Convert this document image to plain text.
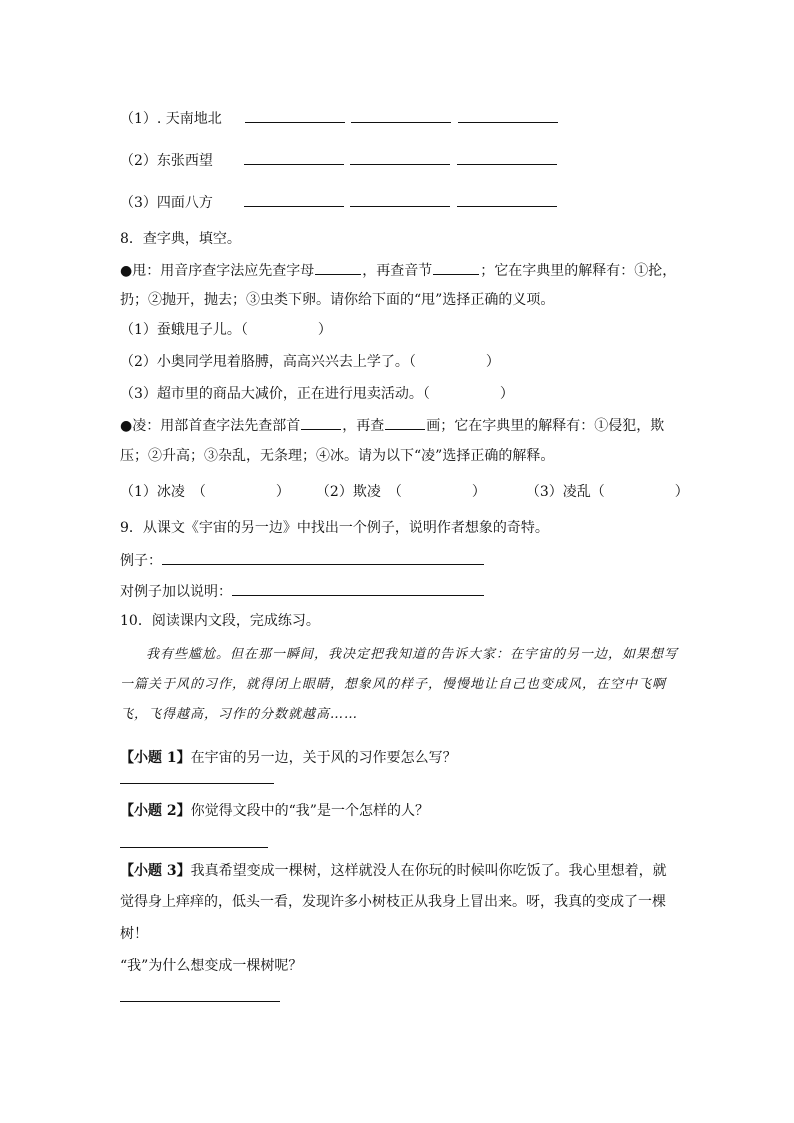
（1）. 天南地北
（2）东张西望
（3）四面八方
8．查字典，填空。
●甩：用音序查字法应先查字母	，再查音节	；它在字典里的解释有：①抡，
扔；②抛开，抛去；③虫类下卵。请你给下面的“甩”选择正确的义项。
（1）蚕蛾甩子儿。（　　　　　）
（2）小奥同学甩着胳膊，高高兴兴去上学了。（　　　　　）
（3）超市里的商品大减价，正在进行甩卖活动。（　　　　　）
●凌：用部首查字法先查部首	，再查	画；它在字典里的解释有：①侵犯，欺
压；②升高；③杂乱，无条理；④冰。请为以下“凌”选择正确的解释。
（1）冰凌　（　　　　　） （2）欺凌　（　　　　　）	（3）凌乱（　　　　　）
9．从课文《宇宙的另一边》中找出一个例子，说明作者想象的奇特。
例子：
对例子加以说明：
10．阅读课内文段，完成练习。
我有些尴尬。但在那一瞬间，我决定把我知道的告诉大家：在宇宙的另一边，如果想写一篇关于风的习作，就得闭上眼睛，想象风的样子，慢慢地让自己也变成风，在空中飞啊飞，飞得越高，习作的分数就越高……
【小题 1】在宇宙的另一边，关于风的习作要怎么写？
【小题 2】你觉得文段中的“我”是一个怎样的人？
【小题 3】我真希望变成一棵树，这样就没人在你玩的时候叫你吃饭了。我心里想着，就
觉得身上痒痒的，低头一看，发现许多小树枝正从我身上冒出来。呀，我真的变成了一棵
树！
“我”为什么想变成一棵树呢？
